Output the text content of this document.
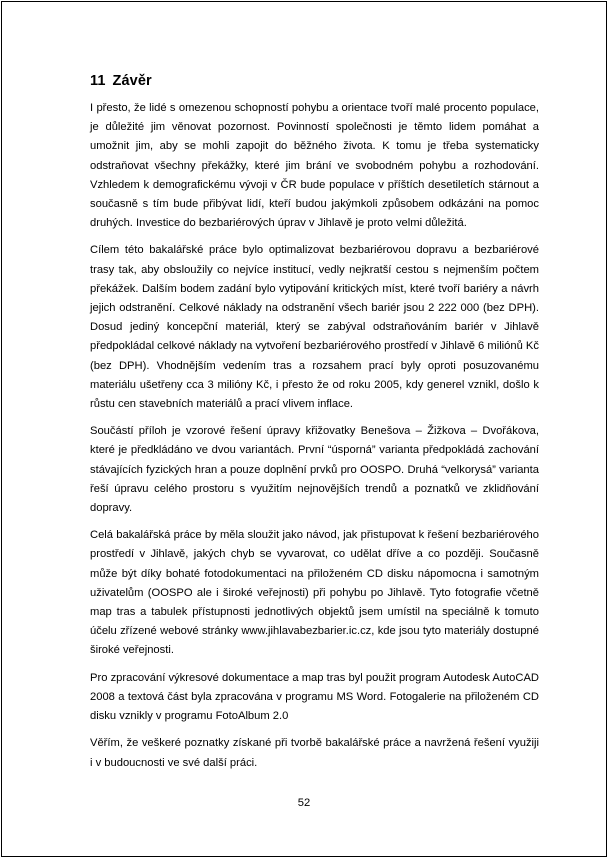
11 Závěr

I přesto, že lidé s omezenou schopností pohybu a orientace tvoří malé procento populace, je důležité jim věnovat pozornost. Povinností společnosti je těmto lidem pomáhat a umožnit jim, aby se mohli zapojit do běžného života. K tomu je třeba systematicky odstraňovat všechny překážky, které jim brání ve svobodném pohybu a rozhodování. Vzhledem k demografickému vývoji v ČR bude populace v příštích desetiletích stárnout a současně s tím bude přibývat lidí, kteří budou jakýmkoli způsobem odkázáni na pomoc druhých. Investice do bezbariérových úprav v Jihlavě je proto velmi důležitá.

Cílem této bakalářské práce bylo optimalizovat bezbariérovou dopravu a bezbariérové trasy tak, aby obsloužily co nejvíce institucí, vedly nejkratší cestou s nejmenším počtem překážek. Dalším bodem zadání bylo vytipování kritických míst, které tvoří bariéry a návrh jejich odstranění. Celkové náklady na odstranění všech bariér jsou 2 222 000 (bez DPH). Dosud jediný koncepční materiál, který se zabýval odstraňováním bariér v Jihlavě předpokládal celkové náklady na vytvoření bezbariérového prostředí v Jihlavě 6 miliónů Kč (bez DPH). Vhodnějším vedením tras a rozsahem prací byly oproti posuzovanému materiálu ušetřeny cca 3 milióny Kč, i přesto že od roku 2005, kdy generel vznikl, došlo k růstu cen stavebních materiálů a prací vlivem inflace.

Součástí příloh je vzorové řešení úpravy křižovatky Benešova – Žižkova – Dvořákova, které je předkládáno ve dvou variantách. První “úsporná” varianta předpokládá zachování stávajících fyzických hran a pouze doplnění prvků pro OOSPO. Druhá “velkorysá” varianta řeší úpravu celého prostoru s využitím nejnovějších trendů a poznatků ve zklidňování dopravy.

Celá bakalářská práce by měla sloužit jako návod, jak přistupovat k řešení bezbariérového prostředí v Jihlavě, jakých chyb se vyvarovat, co udělat dříve a co později. Současně může být díky bohaté fotodokumentaci na přiloženém CD disku nápomocna i samotným uživatelům (OOSPO ale i široké veřejnosti) při pohybu po Jihlavě. Tyto fotografie včetně map tras a tabulek přístupnosti jednotlivých objektů jsem umístil na speciálně k tomuto účelu zřízené webové stránky www.jihlavabezbarier.ic.cz, kde jsou tyto materiály dostupné široké veřejnosti.

Pro zpracování výkresové dokumentace a map tras byl použit program Autodesk AutoCAD 2008 a textová část byla zpracována v programu MS Word. Fotogalerie na přiloženém CD disku vznikly v programu FotoAlbum 2.0

Věřím, že veškeré poznatky získané při tvorbě bakalářské práce a navržená řešení využiji i v budoucnosti ve své další práci.

52
